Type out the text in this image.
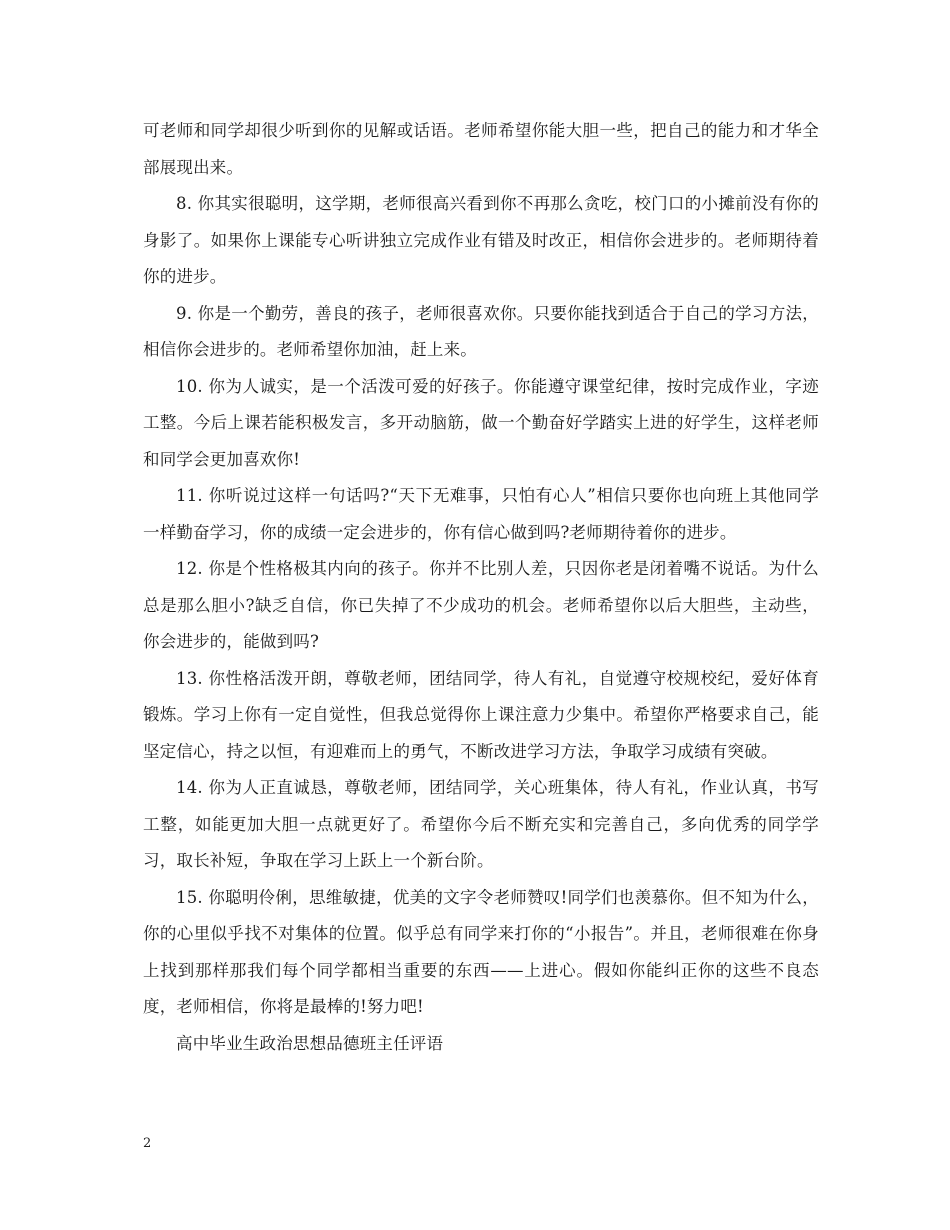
可老师和同学却很少听到你的见解或话语。老师希望你能大胆一些，把自己的能力和才华全部展现出来。

8. 你其实很聪明，这学期，老师很高兴看到你不再那么贪吃，校门口的小摊前没有你的身影了。如果你上课能专心听讲独立完成作业有错及时改正，相信你会进步的。老师期待着你的进步。

9. 你是一个勤劳，善良的孩子，老师很喜欢你。只要你能找到适合于自己的学习方法，相信你会进步的。老师希望你加油，赶上来。

10. 你为人诚实，是一个活泼可爱的好孩子。你能遵守课堂纪律，按时完成作业，字迹工整。今后上课若能积极发言，多开动脑筋，做一个勤奋好学踏实上进的好学生，这样老师和同学会更加喜欢你!

11. 你听说过这样一句话吗?“天下无难事，只怕有心人”相信只要你也向班上其他同学一样勤奋学习，你的成绩一定会进步的，你有信心做到吗?老师期待着你的进步。

12. 你是个性格极其内向的孩子。你并不比别人差，只因你老是闭着嘴不说话。为什么总是那么胆小?缺乏自信，你已失掉了不少成功的机会。老师希望你以后大胆些，主动些，你会进步的，能做到吗?

13. 你性格活泼开朗，尊敬老师，团结同学，待人有礼，自觉遵守校规校纪，爱好体育锻炼。学习上你有一定自觉性，但我总觉得你上课注意力少集中。希望你严格要求自己，能坚定信心，持之以恒，有迎难而上的勇气，不断改进学习方法，争取学习成绩有突破。

14. 你为人正直诚恳，尊敬老师，团结同学，关心班集体，待人有礼，作业认真，书写工整，如能更加大胆一点就更好了。希望你今后不断充实和完善自己，多向优秀的同学学习，取长补短，争取在学习上跃上一个新台阶。

15. 你聪明伶俐，思维敏捷，优美的文字令老师赞叹!同学们也羡慕你。但不知为什么，你的心里似乎找不对集体的位置。似乎总有同学来打你的“小报告”。并且，老师很难在你身上找到那样那我们每个同学都相当重要的东西——上进心。假如你能纠正你的这些不良态度，老师相信，你将是最棒的!努力吧!

高中毕业生政治思想品德班主任评语

2
